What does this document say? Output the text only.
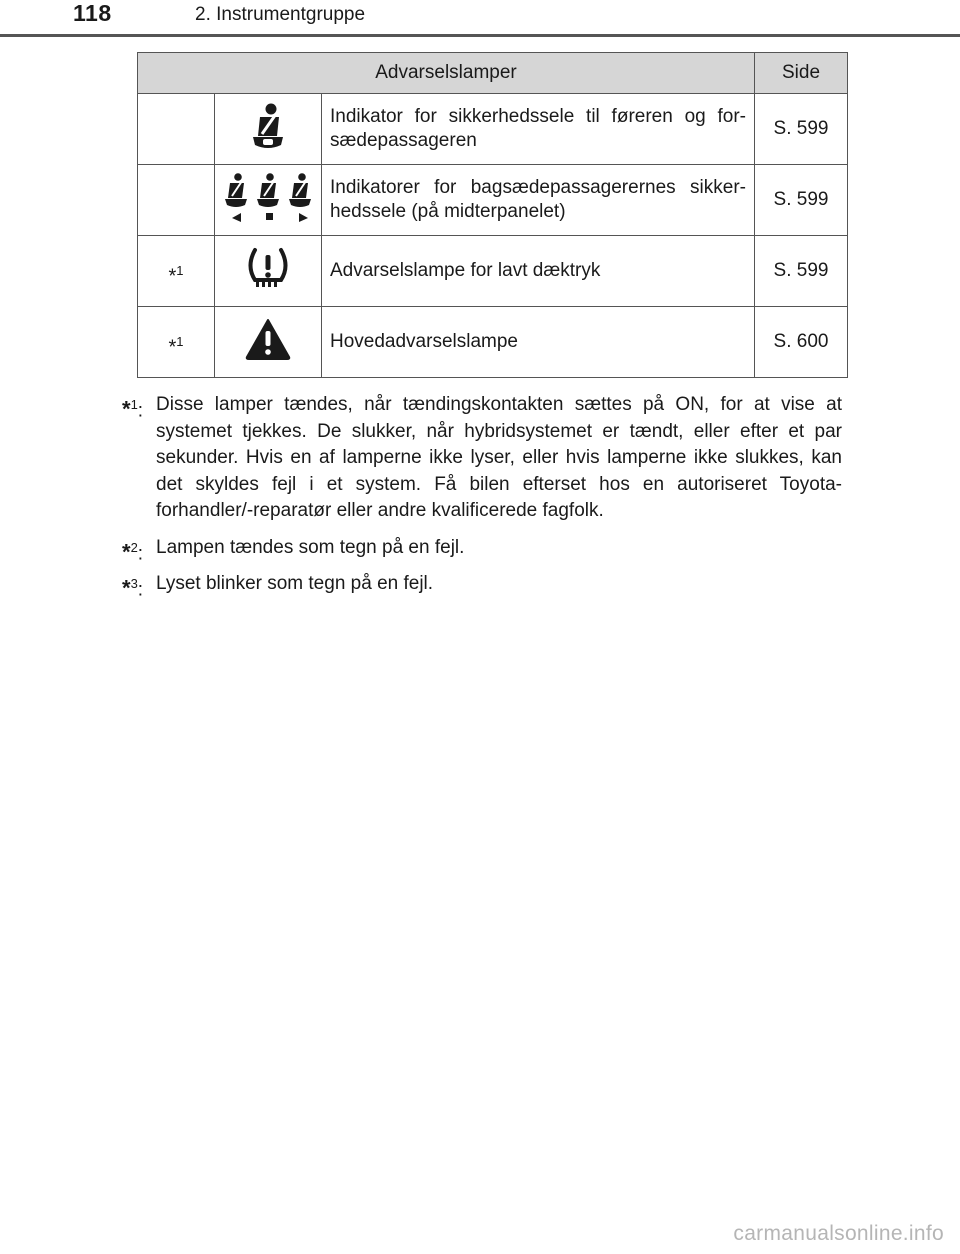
118	2. Instrumentgruppe
Advarselslamper			Side
		Indikator for sikkerhedssele til føreren og for-sædepassageren	S. 599
		Indikatorer for bagsædepassagerernes sikker-hedssele (på midterpanelet)	S. 599
*$^1$		Advarselslampe for lavt dæktryk	S. 599
*$^1$		Hovedadvarselslampe	S. 600
*$^1$: Disse lamper tændes, når tændingskontakten sættes på ON, for at vise at systemet tjekkes. De slukker, når hybridsystemet er tændt, eller efter et par sekunder. Hvis en af lamperne ikke lyser, eller hvis lamperne ikke slukkes, kan det skyldes fejl i et system. Få bilen efterset hos en autoriseret Toyota-forhandler/-reparatør eller andre kvalificerede fagfolk.
*$^2$: Lampen tændes som tegn på en fejl.
*$^3$: Lyset blinker som tegn på en fejl.
carmanualsonline.info
